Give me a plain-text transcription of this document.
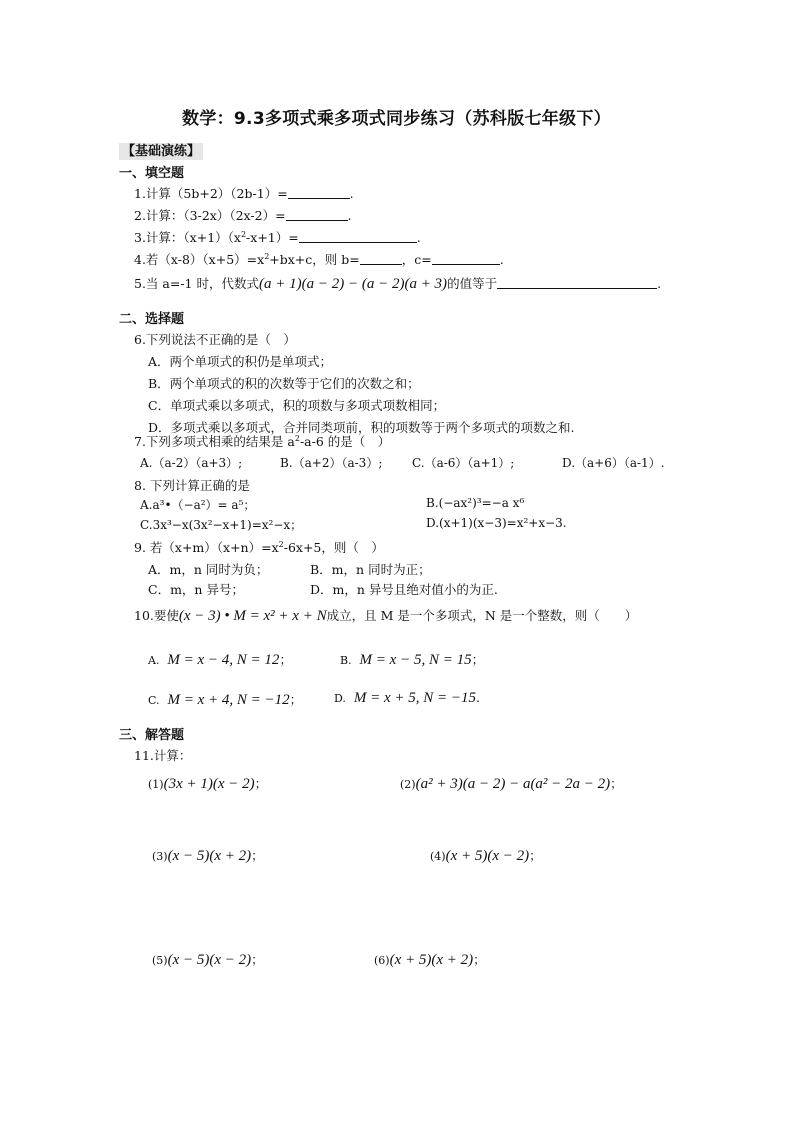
数学：9.3多项式乘多项式同步练习（苏科版七年级下）
【基础演练】
一、填空题
1.计算（5b+2）（2b-1）=	.
2.计算：（3-2x）（2x-2）=	.
3.计算：$(x+1)(x^2-x+1)=$	.
4.若$(x-8)(x+5)=x^2+bx+c$，则 b=	，c=	.
5.当 a=-1 时，代数式(a + 1)(a − 2) − (a − 2)(a + 3)的值等于	.
二、选择题
6.下列说法不正确的是（　）
A．两个单项式的积仍是单项式；
B．两个单项式的积的次数等于它们的次数之和；
C．单项式乘以多项式，积的项数与多项式项数相同；
D．多项式乘以多项式，合并同类项前，积的项数等于两个多项式的项数之和.
7.下列多项式相乘的结果是 $a^2-a-6$ 的是（　）
A.（a-2）（a+3）;	B.（a+2）（a-3）; C.（a-6）（a+1）;	D.（a+6）（a-1）.
8. 下列计算正确的是
A.a³•（−a²）= a⁵；	B.(−ax²)³=−a x⁶
C.3x³−x(3x²−x+1)=x²−x；	D.(x+1)(x−3)=x²+x−3.
9. 若$(x+m)(x+n)=x^2-6x+5$，则（　）
A．m，n 同时为负；	B．m，n 同时为正；
C．m，n 异号；	D．m，n 异号且绝对值小的为正.
10.要使(x − 3) • M = x² + x + N成立，且 M 是一个多项式，N 是一个整数，则（　　）
A. M = x − 4, N = 12；	B. M = x − 5, N = 15；
C. M = x + 4, N = −12；	D. M = x + 5, N = −15.
三、解答题
11.计算：
(1)(3x + 1)(x − 2)；	(2)(a² + 3)(a − 2) − a(a² − 2a − 2)；
(3)(x − 5)(x + 2)；	(4)(x + 5)(x − 2)；
(5)(x − 5)(x − 2)；	(6)(x + 5)(x + 2)；
